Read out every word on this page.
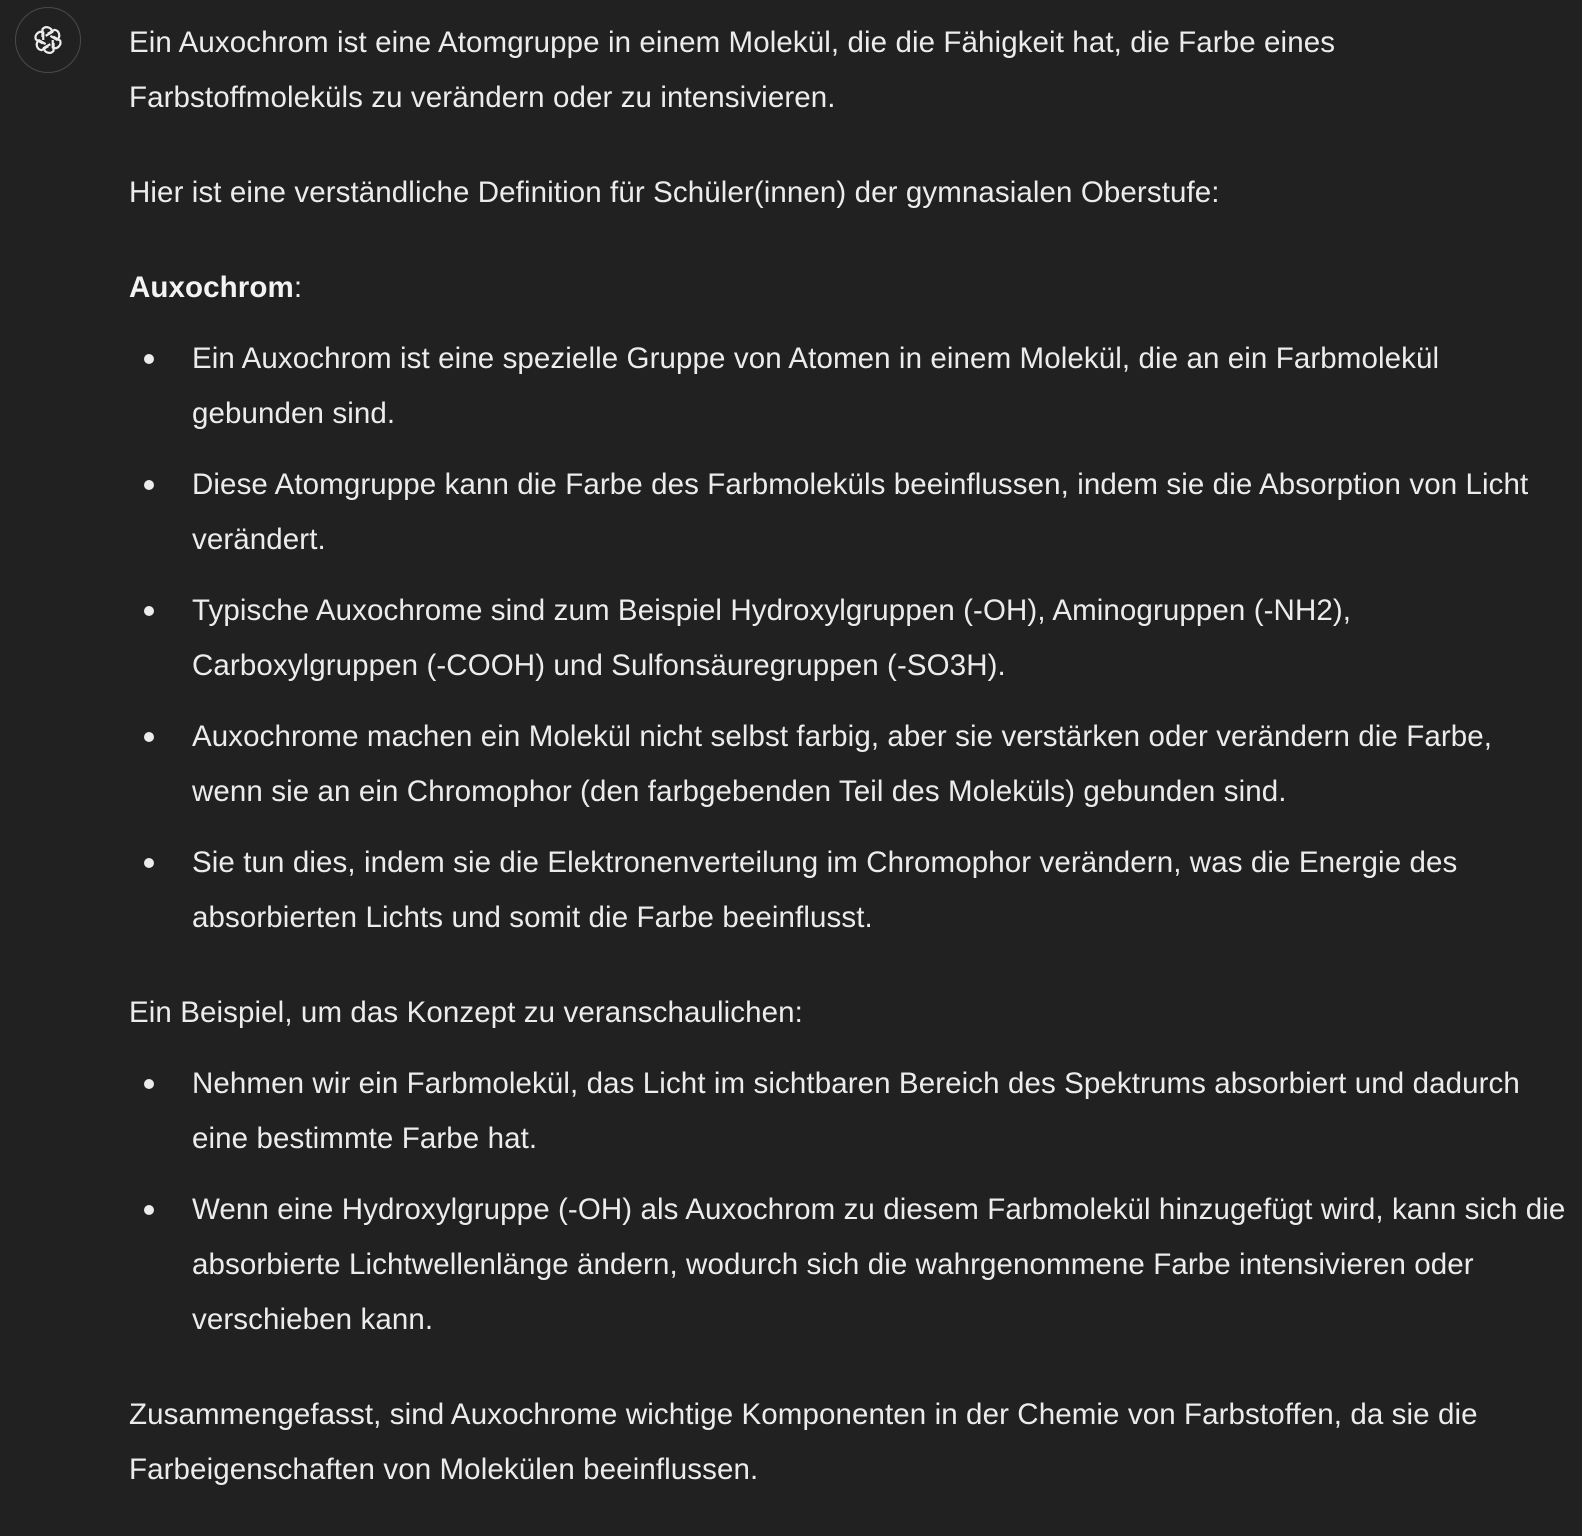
Ein Auxochrom ist eine Atomgruppe in einem Molekül, die die Fähigkeit hat, die Farbe eines Farbstoffmoleküls zu verändern oder zu intensivieren.

Hier ist eine verständliche Definition für Schüler(innen) der gymnasialen Oberstufe:

Auxochrom:

Ein Auxochrom ist eine spezielle Gruppe von Atomen in einem Molekül, die an ein Farbmolekül gebunden sind.
Diese Atomgruppe kann die Farbe des Farbmoleküls beeinflussen, indem sie die Absorption von Licht verändert.
Typische Auxochrome sind zum Beispiel Hydroxylgruppen (-OH), Aminogruppen (-NH2), Carboxylgruppen (-COOH) und Sulfonsäuregruppen (-SO3H).
Auxochrome machen ein Molekül nicht selbst farbig, aber sie verstärken oder verändern die Farbe, wenn sie an ein Chromophor (den farbgebenden Teil des Moleküls) gebunden sind.
Sie tun dies, indem sie die Elektronenverteilung im Chromophor verändern, was die Energie des absorbierten Lichts und somit die Farbe beeinflusst.

Ein Beispiel, um das Konzept zu veranschaulichen:

Nehmen wir ein Farbmolekül, das Licht im sichtbaren Bereich des Spektrums absorbiert und dadurch eine bestimmte Farbe hat.
Wenn eine Hydroxylgruppe (-OH) als Auxochrom zu diesem Farbmolekül hinzugefügt wird, kann sich die absorbierte Lichtwellenlänge ändern, wodurch sich die wahrgenommene Farbe intensivieren oder verschieben kann.

Zusammengefasst, sind Auxochrome wichtige Komponenten in der Chemie von Farbstoffen, da sie die Farbeigenschaften von Molekülen beeinflussen.
